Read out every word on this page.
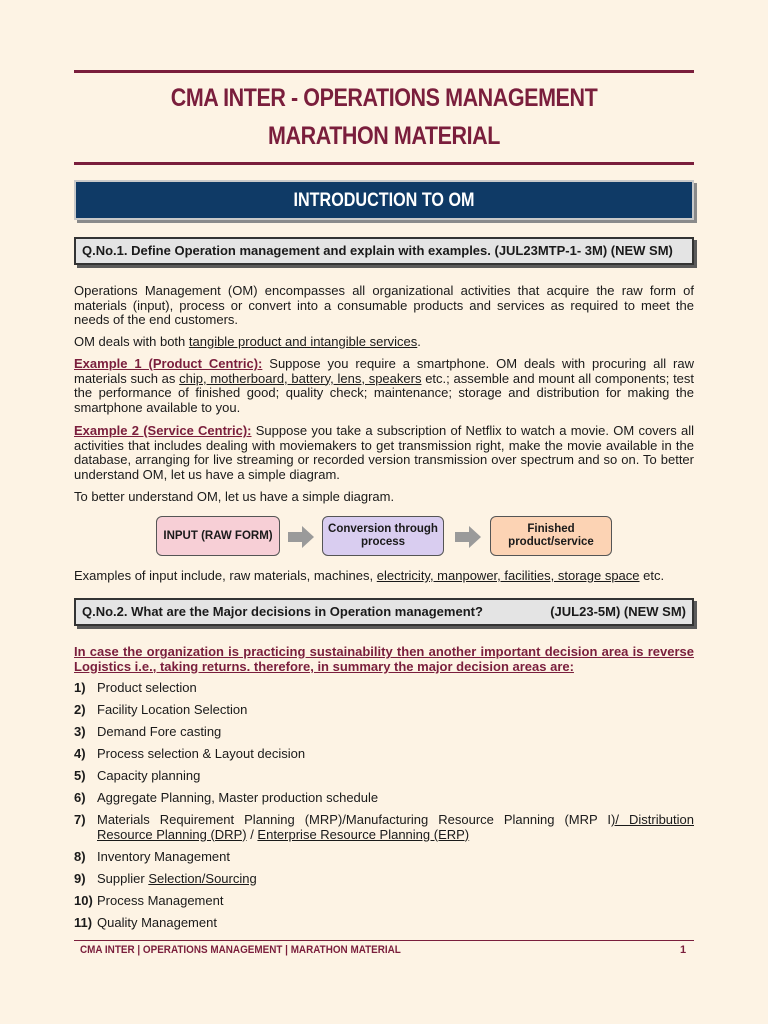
CMA INTER - OPERATIONS MANAGEMENT
MARATHON MATERIAL
INTRODUCTION TO OM
Q.No.1. Define Operation management and explain with examples. (JUL23MTP-1- 3M) (NEW SM)
Operations Management (OM) encompasses all organizational activities that acquire the raw form of materials (input), process or convert into a consumable products and services as required to meet the needs of the end customers.
OM deals with both tangible product and intangible services.
Example 1 (Product Centric): Suppose you require a smartphone. OM deals with procuring all raw materials such as chip, motherboard, battery, lens, speakers etc.; assemble and mount all components; test the performance of finished good; quality check; maintenance; storage and distribution for making the smartphone available to you.
Example 2 (Service Centric): Suppose you take a subscription of Netflix to watch a movie. OM covers all activities that includes dealing with moviemakers to get transmission right, make the movie available in the database, arranging for live streaming or recorded version transmission over spectrum and so on. To better understand OM, let us have a simple diagram.
To better understand OM, let us have a simple diagram.
INPUT (RAW FORM)
Conversion through
process
Finished
product/service
Examples of input include, raw materials, machines, electricity, manpower, facilities, storage space etc.
Q.No.2. What are the Major decisions in Operation management?	(JUL23-5M) (NEW SM)
In case the organization is practicing sustainability then another important decision area is reverse Logistics i.e., taking returns. therefore, in summary the major decision areas are:
1) Product selection
2) Facility Location Selection
3) Demand Fore casting
4) Process selection & Layout decision
5) Capacity planning
6) Aggregate Planning, Master production schedule
7) Materials Requirement Planning (MRP)/Manufacturing Resource Planning (MRP I)/ Distribution Resource Planning (DRP) / Enterprise Resource Planning (ERP)
8) Inventory Management
9) Supplier Selection/Sourcing
10) Process Management
11) Quality Management
CMA INTER | OPERATIONS MANAGEMENT | MARATHON MATERIAL	1
